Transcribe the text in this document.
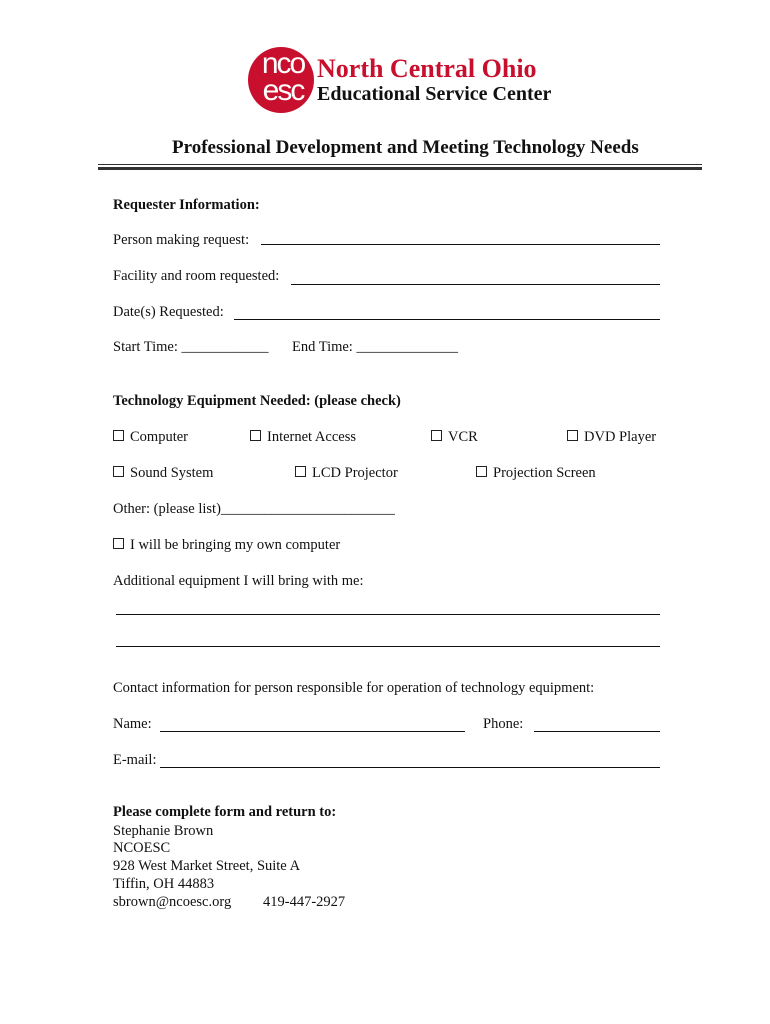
nco
esc
North Central Ohio
Educational Service Center
Professional Development and Meeting Technology Needs
Requester Information:
Person making request:
Facility and room requested:
Date(s) Requested:
Start Time: ____________ End Time: ______________
Technology Equipment Needed: (please check)
Computer	Internet Access	VCR	DVD Player
Sound System	LCD Projector	Projection Screen
Other: (please list)________________________
I will be bringing my own computer
Additional equipment I will bring with me:
Contact information for person responsible for operation of technology equipment:
Name:	Phone:
E-mail:
Please complete form and return to:
Stephanie Brown
NCOESC
928 West Market Street, Suite A
Tiffin, OH 44883
sbrown@ncoesc.org 419-447-2927
